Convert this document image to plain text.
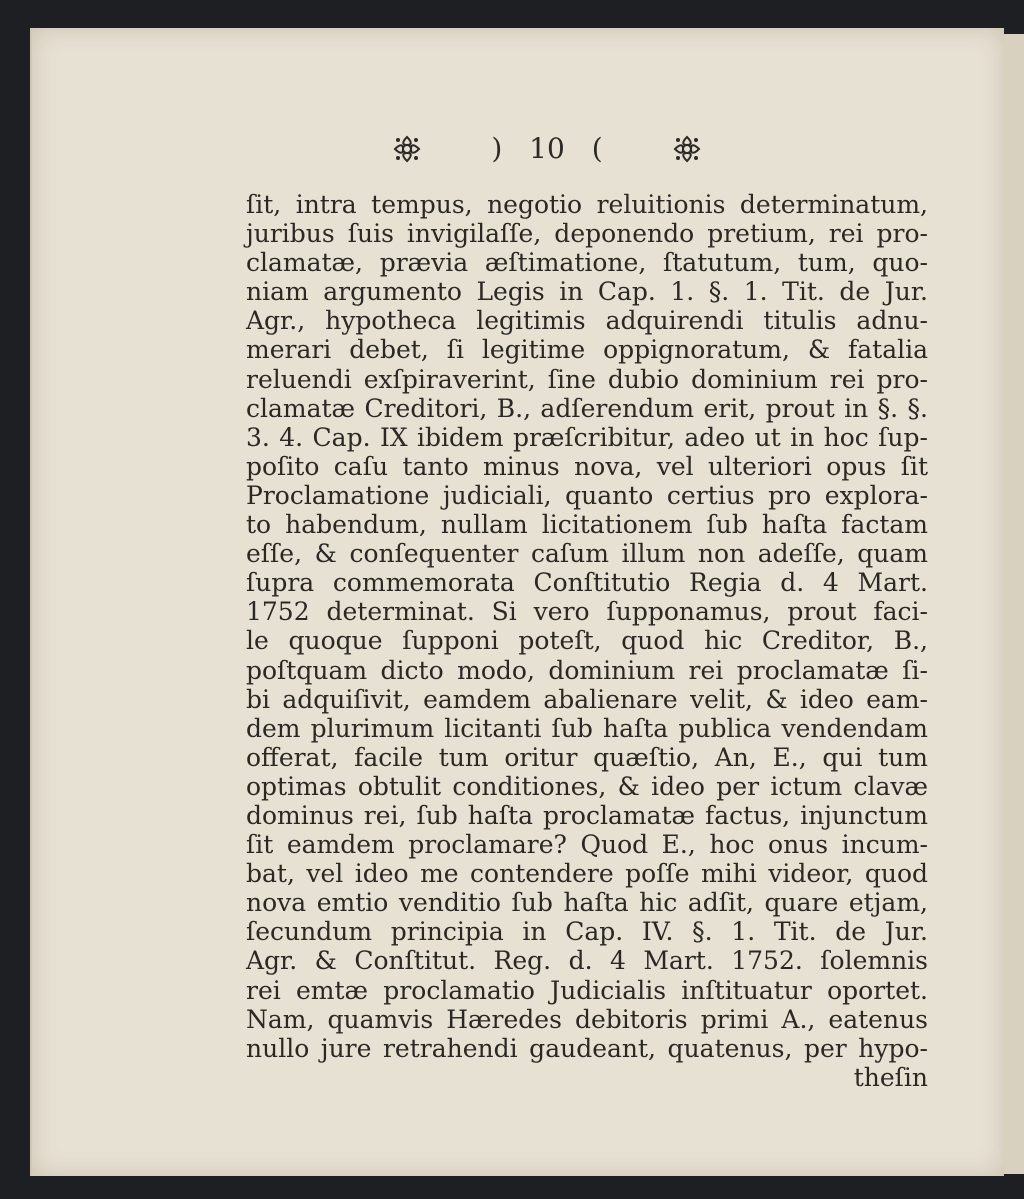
) 10 (
ſit, intra tempus, negotio reluitionis determinatum,
juribus ſuis invigilaſſe, deponendo pretium, rei pro-
clamatæ, prævia æſtimatione, ſtatutum, tum, quo-
niam argumento Legis in Cap. 1. §. 1. Tit. de Jur.
Agr., hypotheca legitimis adquirendi titulis adnu-
merari debet, ſi legitime oppignoratum, & fatalia
reluendi exſpiraverint, ſine dubio dominium rei pro-
clamatæ Creditori, B., adſerendum erit, prout in §. §.
3. 4. Cap. IX ibidem præſcribitur, adeo ut in hoc ſup-
poſito caſu tanto minus nova, vel ulteriori opus ſit
Proclamatione judiciali, quanto certius pro explora-
to habendum, nullam licitationem ſub haſta factam
eſſe, & conſequenter caſum illum non adeſſe, quam
ſupra commemorata Conſtitutio Regia d. 4 Mart.
1752 determinat. Si vero ſupponamus, prout faci-
le quoque ſupponi poteſt, quod hic Creditor, B.,
poſtquam dicto modo, dominium rei proclamatæ ſi-
bi adquiſivit, eamdem abalienare velit, & ideo eam-
dem plurimum licitanti ſub haſta publica vendendam
offerat, facile tum oritur quæſtio, An, E., qui tum
optimas obtulit conditiones, & ideo per ictum clavæ
dominus rei, ſub haſta proclamatæ factus, injunctum
ſit eamdem proclamare? Quod E., hoc onus incum-
bat, vel ideo me contendere poſſe mihi videor, quod
nova emtio venditio ſub haſta hic adſit, quare etjam,
ſecundum principia in Cap. IV. §. 1. Tit. de Jur.
Agr. & Conſtitut. Reg. d. 4 Mart. 1752. ſolemnis
rei emtæ proclamatio Judicialis inſtituatur oportet.
Nam, quamvis Hæredes debitoris primi A., eatenus
nullo jure retrahendi gaudeant, quatenus, per hypo-
theſin
